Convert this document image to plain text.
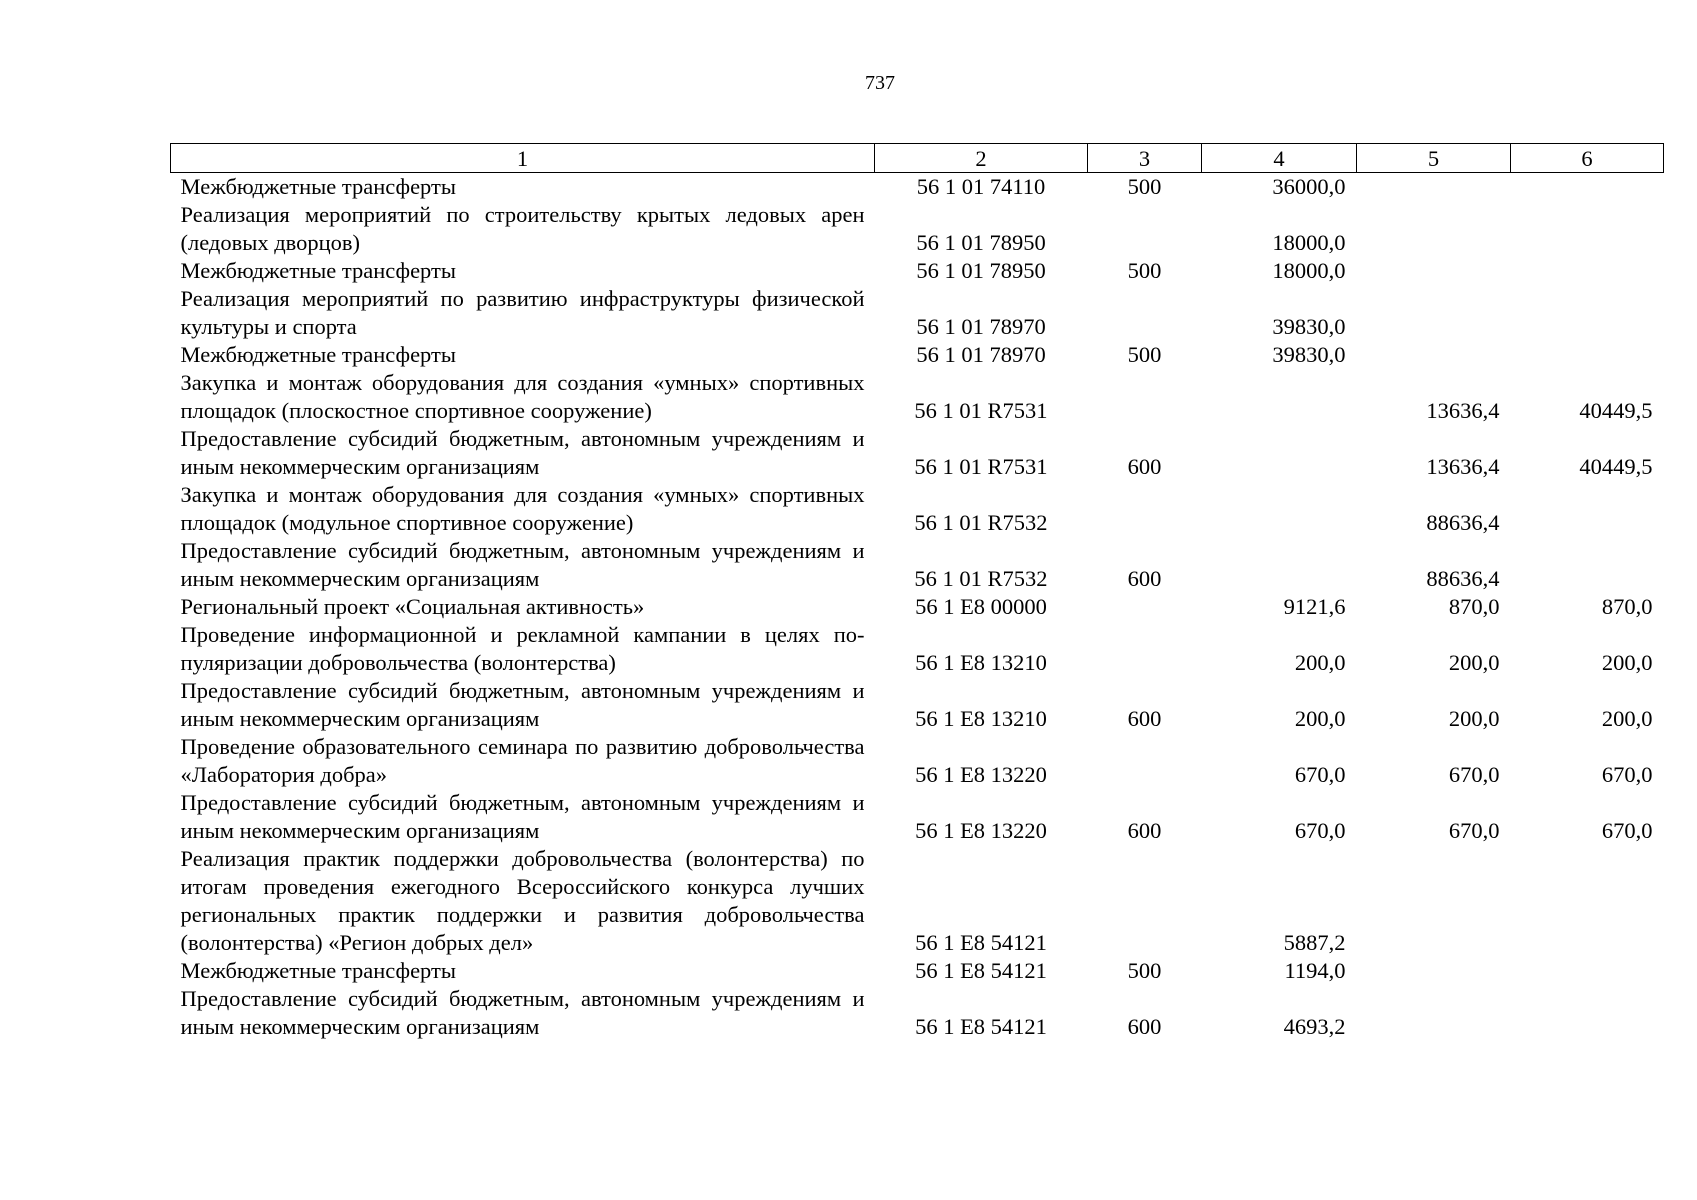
737
1	2	3	4	5	6
Межбюджетные трансферты	56 1 01 74110	500	36000,0		
Реализация мероприятий по строительству крытых ледовых арен (ледовых дворцов)	56 1 01 78950		18000,0		
Межбюджетные трансферты	56 1 01 78950	500	18000,0		
Реализация мероприятий по развитию инфраструктуры физической культуры и спорта	56 1 01 78970		39830,0		
Межбюджетные трансферты	56 1 01 78970	500	39830,0		
Закупка и монтаж оборудования для создания «умных» спортивных площадок (плоскостное спортивное сооружение)	56 1 01 R7531			13636,4	40449,5
Предоставление субсидий бюджетным, автономным учреждениям и иным некоммерческим организациям	56 1 01 R7531	600		13636,4	40449,5
Закупка и монтаж оборудования для создания «умных» спортивных площадок (модульное спортивное сооружение)	56 1 01 R7532			88636,4	
Предоставление субсидий бюджетным, автономным учреждениям и иным некоммерческим организациям	56 1 01 R7532	600		88636,4	
Региональный проект «Социальная активность»	56 1 E8 00000		9121,6	870,0	870,0
Проведение информационной и рекламной кампании в целях популяризации добровольчества (волонтерства)	56 1 E8 13210		200,0	200,0	200,0
Предоставление субсидий бюджетным, автономным учреждениям и иным некоммерческим организациям	56 1 E8 13210	600	200,0	200,0	200,0
Проведение образовательного семинара по развитию добровольчества «Лаборатория добра»	56 1 E8 13220		670,0	670,0	670,0
Предоставление субсидий бюджетным, автономным учреждениям и иным некоммерческим организациям	56 1 E8 13220	600	670,0	670,0	670,0
Реализация практик поддержки добровольчества (волонтерства) по итогам проведения ежегодного Всероссийского конкурса лучших региональных практик поддержки и развития добровольчества (волонтерства) «Регион добрых дел»	56 1 E8 54121		5887,2		
Межбюджетные трансферты	56 1 E8 54121	500	1194,0		
Предоставление субсидий бюджетным, автономным учреждениям и иным некоммерческим организациям	56 1 E8 54121	600	4693,2		
